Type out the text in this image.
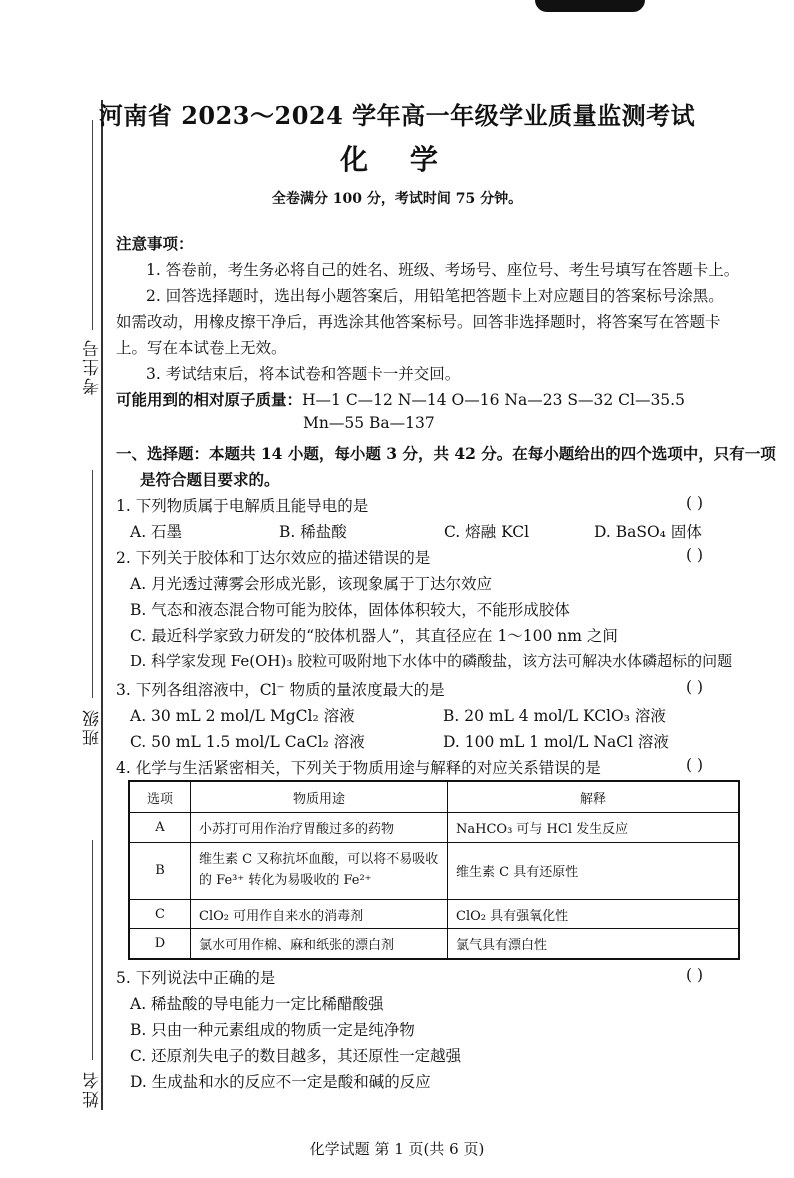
考生号
班级
姓名
河南省 2023～2024 学年高一年级学业质量监测考试
化 学
全卷满分 100 分，考试时间 75 分钟。
注意事项：
1. 答卷前，考生务必将自己的姓名、班级、考场号、座位号、考生号填写在答题卡上。
2. 回答选择题时，选出每小题答案后，用铅笔把答题卡上对应题目的答案标号涂黑。
如需改动，用橡皮擦干净后，再选涂其他答案标号。回答非选择题时，将答案写在答题卡
上。写在本试卷上无效。
3. 考试结束后，将本试卷和答题卡一并交回。
可能用到的相对原子质量：H—1 C—12 N—14 O—16 Na—23 S—32 Cl—35.5
Mn—55 Ba—137
一、选择题：本题共 14 小题，每小题 3 分，共 42 分。在每小题给出的四个选项中，只有一项
是符合题目要求的。
1. 下列物质属于电解质且能导电的是	( )
A. 石墨	B. 稀盐酸	C. 熔融 KCl	D. BaSO₄ 固体
2. 下列关于胶体和丁达尔效应的描述错误的是	( )
A. 月光透过薄雾会形成光影，该现象属于丁达尔效应
B. 气态和液态混合物可能为胶体，固体体积较大，不能形成胶体
C. 最近科学家致力研发的“胶体机器人”，其直径应在 1～100 nm 之间
D. 科学家发现 Fe(OH)₃ 胶粒可吸附地下水体中的磷酸盐，该方法可解决水体磷超标的问题
3. 下列各组溶液中，Cl⁻ 物质的量浓度最大的是	( )
A. 30 mL 2 mol/L MgCl₂ 溶液	B. 20 mL 4 mol/L KClO₃ 溶液
C. 50 mL 1.5 mol/L CaCl₂ 溶液	D. 100 mL 1 mol/L NaCl 溶液
4. 化学与生活紧密相关，下列关于物质用途与解释的对应关系错误的是	( )
选项	物质用途	解释
A	小苏打可用作治疗胃酸过多的药物	NaHCO₃ 可与 HCl 发生反应
B	维生素 C 又称抗坏血酸，可以将不易吸收的 Fe³⁺ 转化为易吸收的 Fe²⁺	维生素 C 具有还原性
C	ClO₂ 可用作自来水的消毒剂	ClO₂ 具有强氧化性
D	氯水可用作棉、麻和纸张的漂白剂	氯气具有漂白性
5. 下列说法中正确的是	( )
A. 稀盐酸的导电能力一定比稀醋酸强
B. 只由一种元素组成的物质一定是纯净物
C. 还原剂失电子的数目越多，其还原性一定越强
D. 生成盐和水的反应不一定是酸和碱的反应
化学试题 第 1 页(共 6 页)
